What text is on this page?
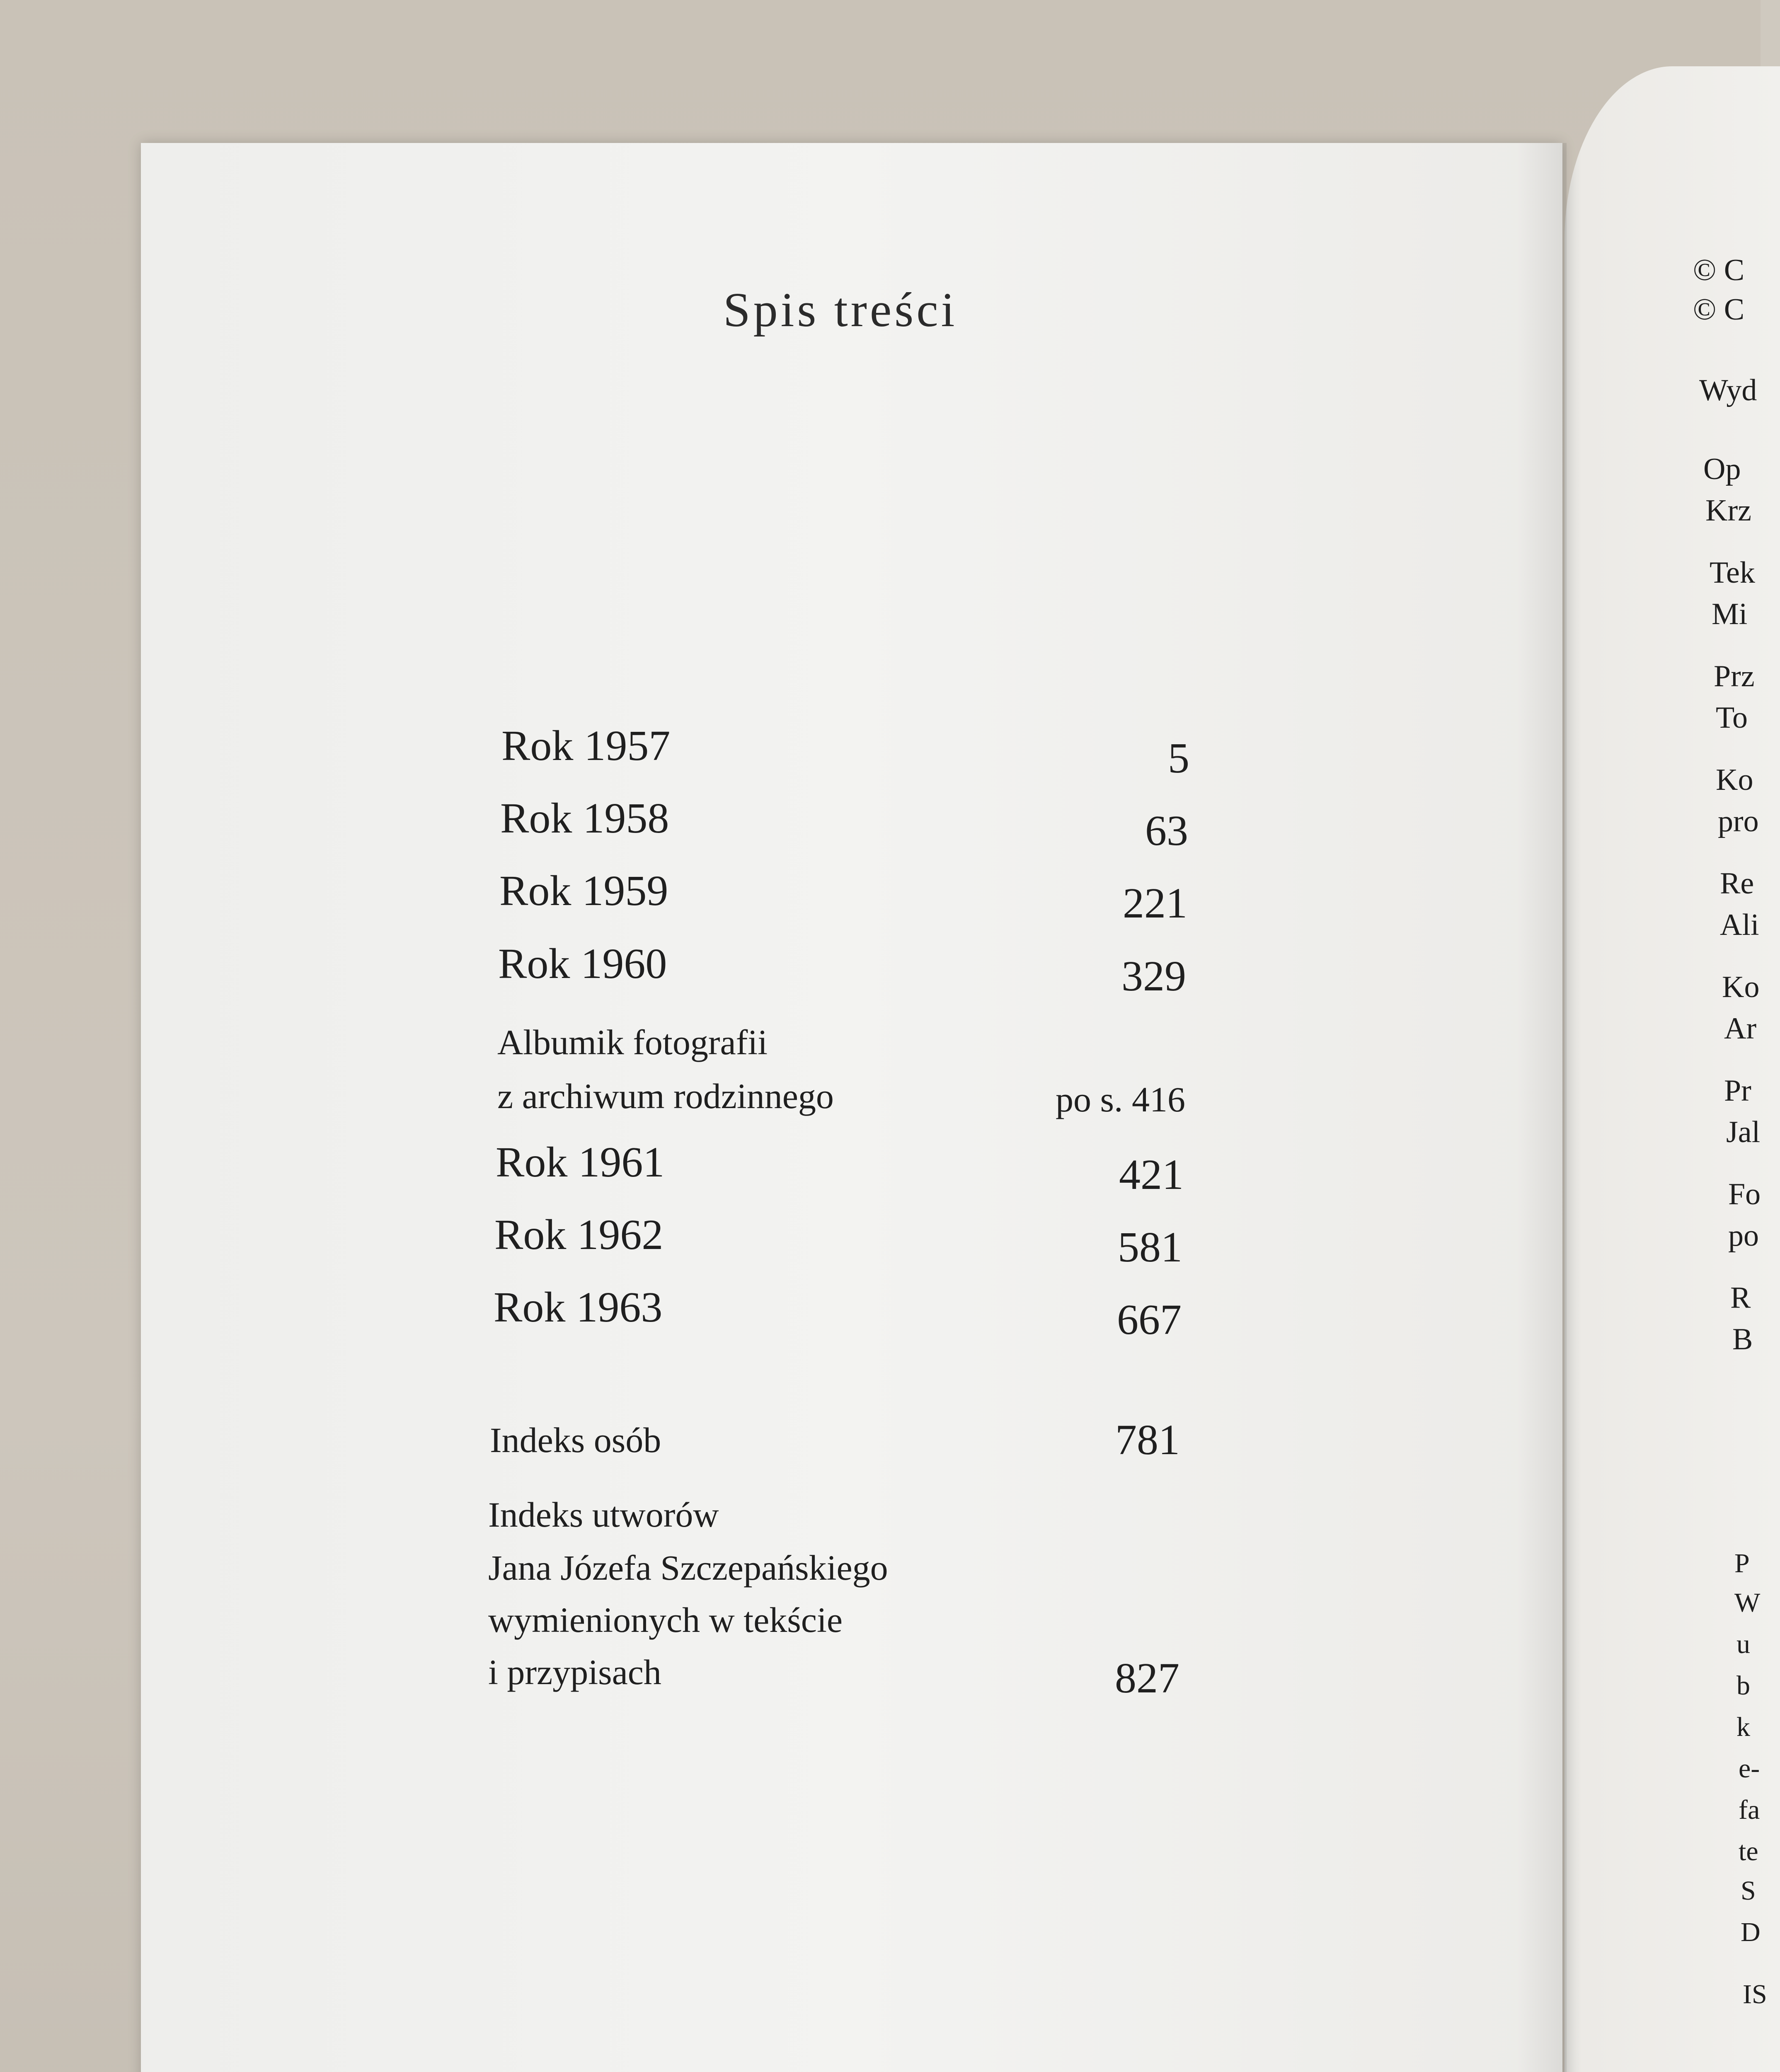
Spis treści
Rok 1957	5
Rok 1958	63
Rok 1959	221
Rok 1960	329
Albumik fotografii
z archiwum rodzinnego	po s. 416
Rok 1961	421
Rok 1962	581
Rok 1963	667
Indeks osób	781
Indeks utworów
Jana Józefa Szczepańskiego
wymienionych w tekście
i przypisach	827
© C
© C
Wyd
Op
Krz
Tek
Mi
Prz
To
Ko
pro
Re
Ali
Ko
Ar
Pr
Jal
Fo
po
R
B
P
W
u
b
k
e-
fa
te
S
D
IS
